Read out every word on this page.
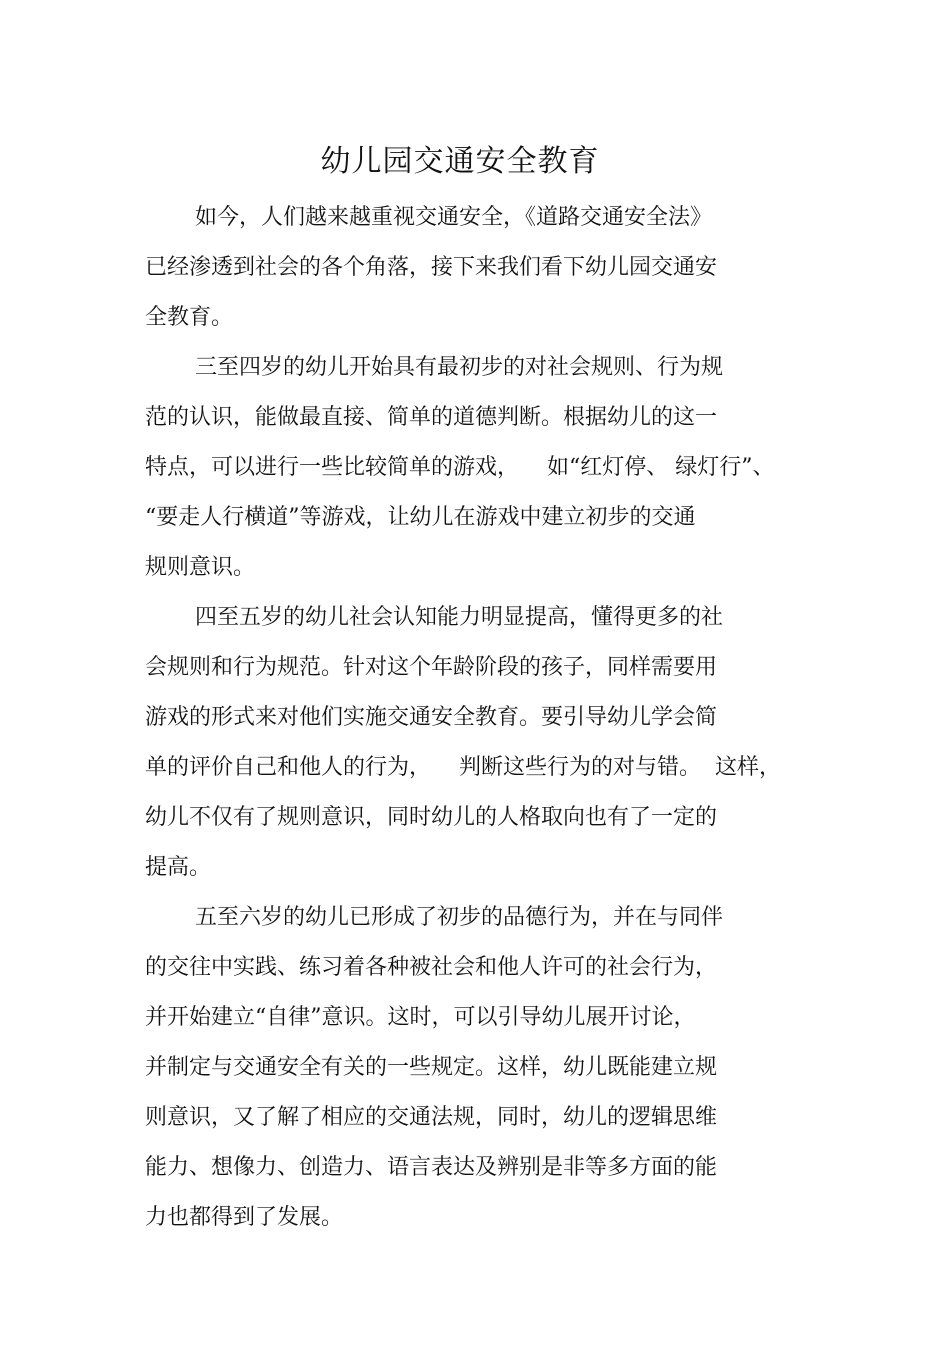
幼儿园交通安全教育
如今，人们越来越重视交通安全，《道路交通安全法》
已经渗透到社会的各个角落，接下来我们看下幼儿园交通安
全教育。
三至四岁的幼儿开始具有最初步的对社会规则、行为规
范的认识，能做最直接、简单的道德判断。根据幼儿的这一
特点，可以进行一些比较简单的游戏，    如“红灯停、 绿灯行”、
“要走人行横道”等游戏，让幼儿在游戏中建立初步的交通
规则意识。
四至五岁的幼儿社会认知能力明显提高，懂得更多的社
会规则和行为规范。针对这个年龄阶段的孩子，同样需要用
游戏的形式来对他们实施交通安全教育。要引导幼儿学会简
单的评价自己和他人的行为，    判断这些行为的对与错。  这样，
幼儿不仅有了规则意识，同时幼儿的人格取向也有了一定的
提高。
五至六岁的幼儿已形成了初步的品德行为，并在与同伴
的交往中实践、练习着各种被社会和他人许可的社会行为，
并开始建立“自律”意识。这时，可以引导幼儿展开讨论，
并制定与交通安全有关的一些规定。这样，幼儿既能建立规
则意识，又了解了相应的交通法规，同时，幼儿的逻辑思维
能力、想像力、创造力、语言表达及辨别是非等多方面的能
力也都得到了发展。
